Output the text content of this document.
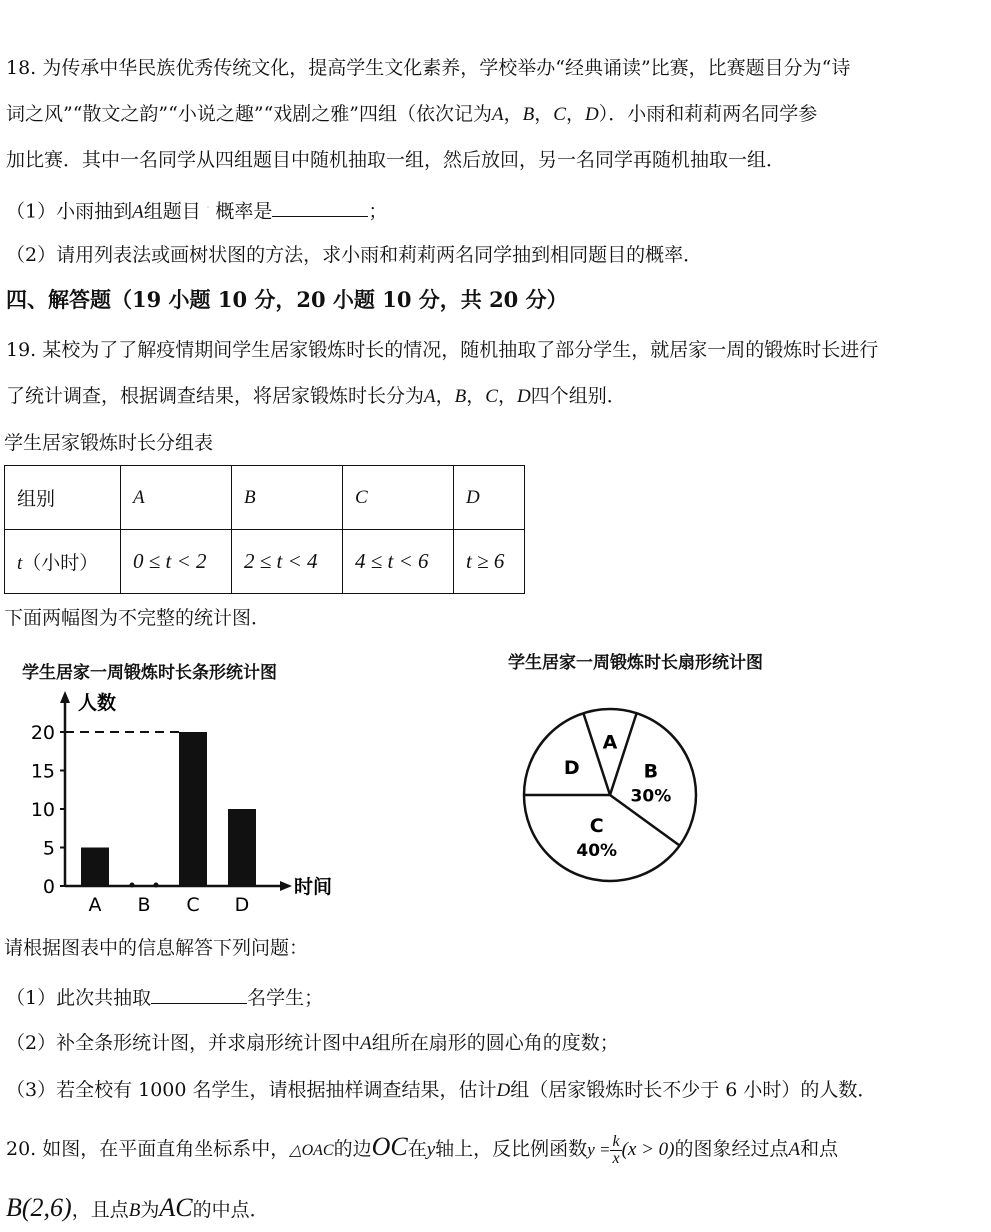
18. 为传承中华民族优秀传统文化，提高学生文化素养，学校举办“经典诵读”比赛，比赛题目分为“诗
词之风”“散文之韵”“小说之趣”“戏剧之雅”四组（依次记为A，B，C，D）．小雨和莉莉两名同学参
加比赛．其中一名同学从四组题目中随机抽取一组，然后放回，另一名同学再随机抽取一组．
（1）小雨抽到A组题目 · 概率是	；
（2）请用列表法或画树状图的方法，求小雨和莉莉两名同学抽到相同题目的概率．
四、解答题（19 小题 10 分，20 小题 10 分，共 20 分）
19. 某校为了了解疫情期间学生居家锻炼时长的情况，随机抽取了部分学生，就居家一周的锻炼时长进行
了统计调查，根据调查结果，将居家锻炼时长分为A，B，C，D四个组别．
学生居家锻炼时长分组表
组别	A	B	C	D
t（小时）	0 ≤ t < 2	2 ≤ t < 4	4 ≤ t < 6	t ≥ 6
下面两幅图为不完整的统计图．
学生居家一周锻炼时长条形统计图
人数
时间
0
5
10
15
20
A B C D
学生居家一周锻炼时长扇形统计图
A
B
30%
C
40%
D
请根据图表中的信息解答下列问题：
（1）此次共抽取	名学生；
（2）补全条形统计图，并求扇形统计图中A组所在扇形的圆心角的度数；
（3）若全校有 1000 名学生，请根据抽样调查结果，估计D组（居家锻炼时长不少于 6 小时）的人数．
20. 如图，在平面直角坐标系中，△OAC的边OC在y轴上，反比例函数$y = \frac{k}{x} (x > 0)$的图象经过点A和点
B(2,6)，且点B为AC的中点．
